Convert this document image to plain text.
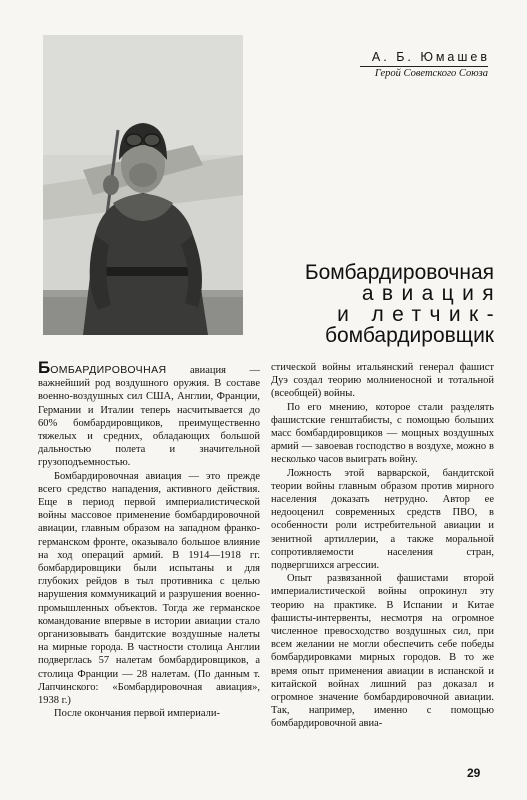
А. Б. Юмашев
Герой Советского Союза
Бомбардировочная
авиация
и летчик-
бомбардировщик

БОМБАРДИРОВОЧНАЯ авиация — важнейший род воздушного оружия. В составе военно-воздушных сил США, Англии, Франции, Германии и Италии теперь насчитывается до 60% бомбардировщиков, преимущественно тяжелых и средних, обладающих большой дальностью полета и значительной грузоподъемностью.

Бомбардировочная авиация — это прежде всего средство нападения, активного действия. Еще в период первой империалистической войны массовое применение бомбардировочной авиации, главным образом на западном франко-германском фронте, оказывало большое влияние на ход операций армий. В 1914—1918 гг. бомбардировщики были испытаны и для глубоких рейдов в тыл противника с целью нарушения коммуникаций и разрушения военно-промышленных объектов. Тогда же германское командование впервые в истории авиации стало организовывать бандитские воздушные налеты на мирные города. В частности столица Англии подверглась 57 налетам бомбардировщиков, а столица Франции — 28 налетам. (По данным т. Лапчинского: «Бомбардировочная авиация», 1938 г.)

После окончания первой империали-

стической войны итальянский генерал фашист Дуэ создал теорию молниеносной и тотальной (всеобщей) войны.

По его мнению, которое стали разделять фашистские генштабисты, с помощью больших масс бомбардировщиков — мощных воздушных армий — завоевав господство в воздухе, можно в несколько часов выиграть войну.

Ложность этой варварской, бандитской теории войны главным образом против мирного населения доказать нетрудно. Автор ее недооценил современных средств ПВО, в особенности роли истребительной авиации и зенитной артиллерии, а также моральной сопротивляемости населения стран, подвергшихся агрессии.

Опыт развязанной фашистами второй империалистической войны опрокинул эту теорию на практике. В Испании и Китае фашисты-интервенты, несмотря на огромное численное превосходство воздушных сил, при всем желании не могли обеспечить себе победы бомбардировками мирных городов. В то же время опыт применения авиации в испанской и китайской войнах лишний раз доказал и огромное значение бомбардировочной авиации. Так, например, именно с помощью бомбардировочной авиа-

29
